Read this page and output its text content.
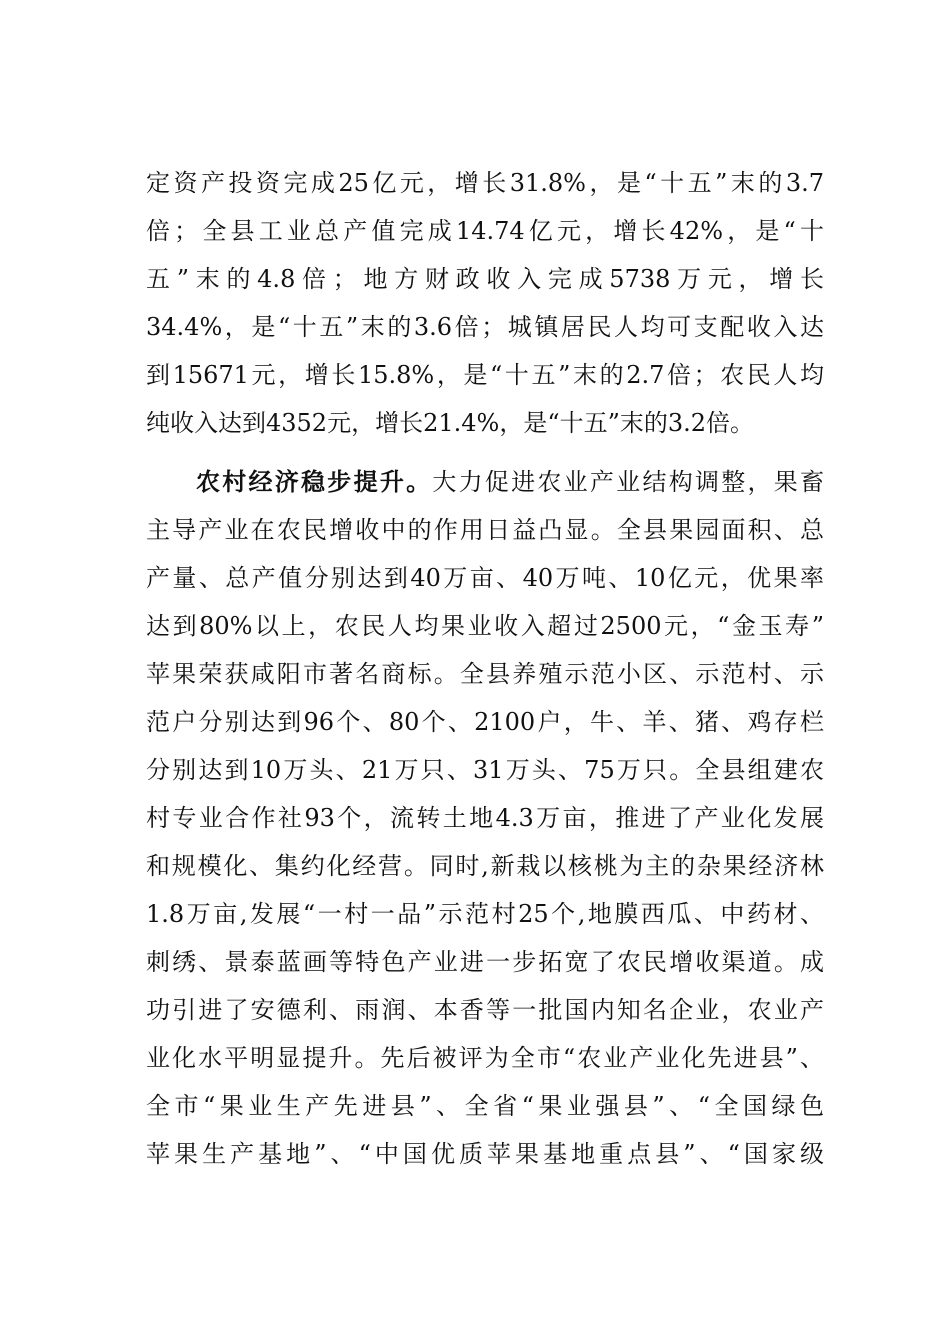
定资产投资完成25亿元，增长31.8%，是“十五”末的3.7
倍；全县工业总产值完成14.74亿元，增长42%，是“十
五”末的4.8倍；地方财政收入完成5738万元，增长
34.4%，是“十五”末的3.6倍；城镇居民人均可支配收入达
到15671元，增长15.8%，是“十五”末的2.7倍；农民人均
纯收入达到4352元，增长21.4%，是“十五”末的3.2倍。
农村经济稳步提升。大力促进农业产业结构调整，果畜
主导产业在农民增收中的作用日益凸显。全县果园面积、总
产量、总产值分别达到40万亩、40万吨、10亿元，优果率
达到80%以上，农民人均果业收入超过2500元，“金玉寿”
苹果荣获咸阳市著名商标。全县养殖示范小区、示范村、示
范户分别达到96个、80个、2100户，牛、羊、猪、鸡存栏
分别达到10万头、21万只、31万头、75万只。全县组建农
村专业合作社93个，流转土地4.3万亩，推进了产业化发展
和规模化、集约化经营。同时,新栽以核桃为主的杂果经济林
1.8万亩,发展“一村一品”示范村25个,地膜西瓜、中药材、
刺绣、景泰蓝画等特色产业进一步拓宽了农民增收渠道。成
功引进了安德利、雨润、本香等一批国内知名企业，农业产
业化水平明显提升。先后被评为全市“农业产业化先进县”、
全市“果业生产先进县”、全省“果业强县”、“全国绿色
苹果生产基地”、“中国优质苹果基地重点县”、“国家级
